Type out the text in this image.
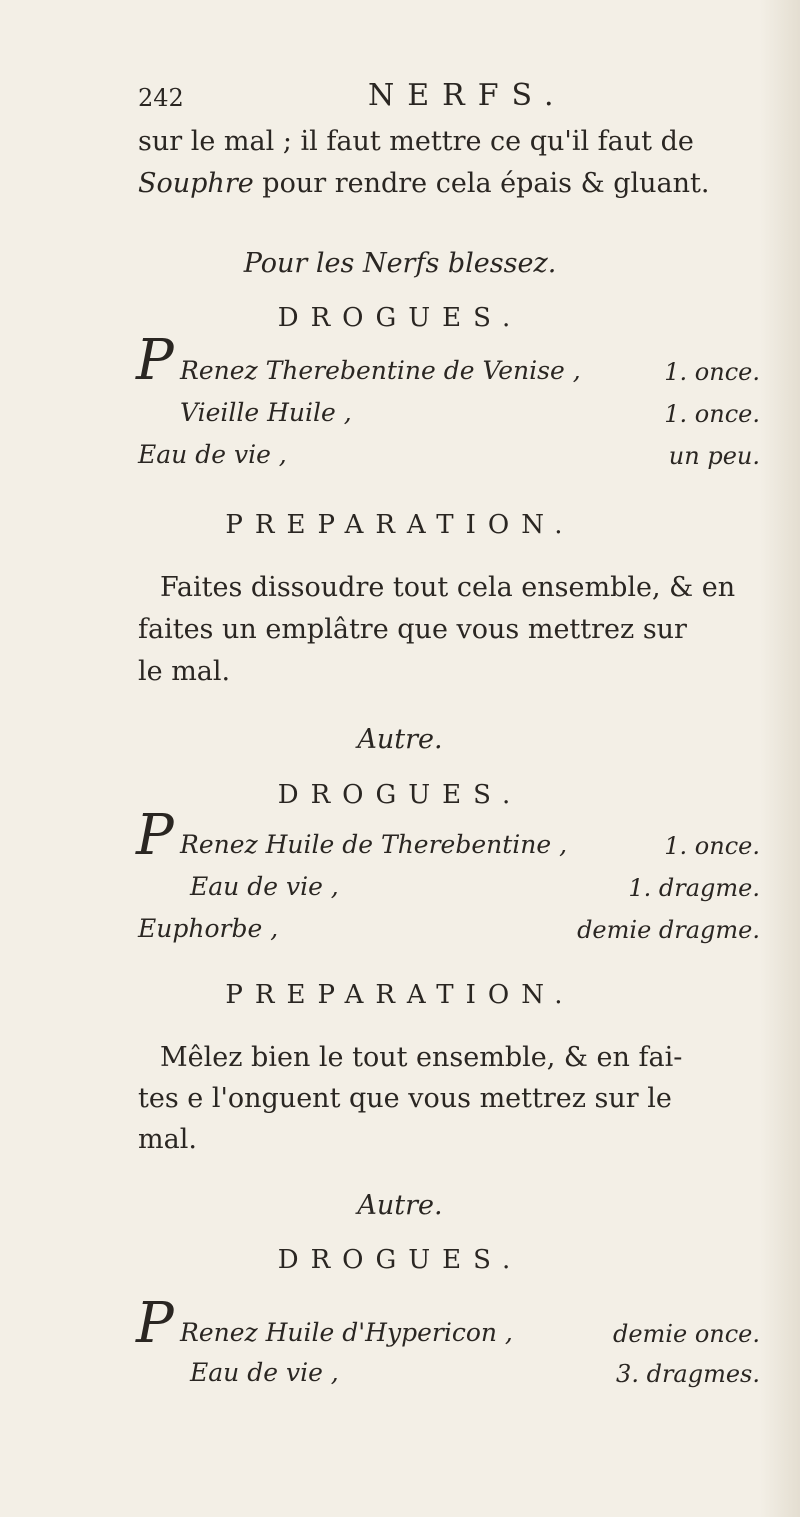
242	NERFS.
sur le mal ; il faut mettre ce qu'il faut de
Souphre pour rendre cela épais & gluant.
Pour les Nerfs blessez.
DROGUES.
P Renez Therebentine de Venise ,	1. once.
Vieille Huile ,	1. once.
Eau de vie ,	un peu.
PREPARATION.
Faites dissoudre tout cela ensemble, & en
faites un emplâtre que vous mettrez sur
le mal.
Autre.
DROGUES.
P Renez Huile de Therebentine ,	1. once.
Eau de vie ,	1. dragme.
Euphorbe ,	demie dragme.
PREPARATION.
Mêlez bien le tout ensemble, & en fai-
tes e l'onguent que vous mettrez sur le
mal.
Autre.
DROGUES.
P Renez Huile d'Hypericon ,	demie once.
Eau de vie ,	3. dragmes.
